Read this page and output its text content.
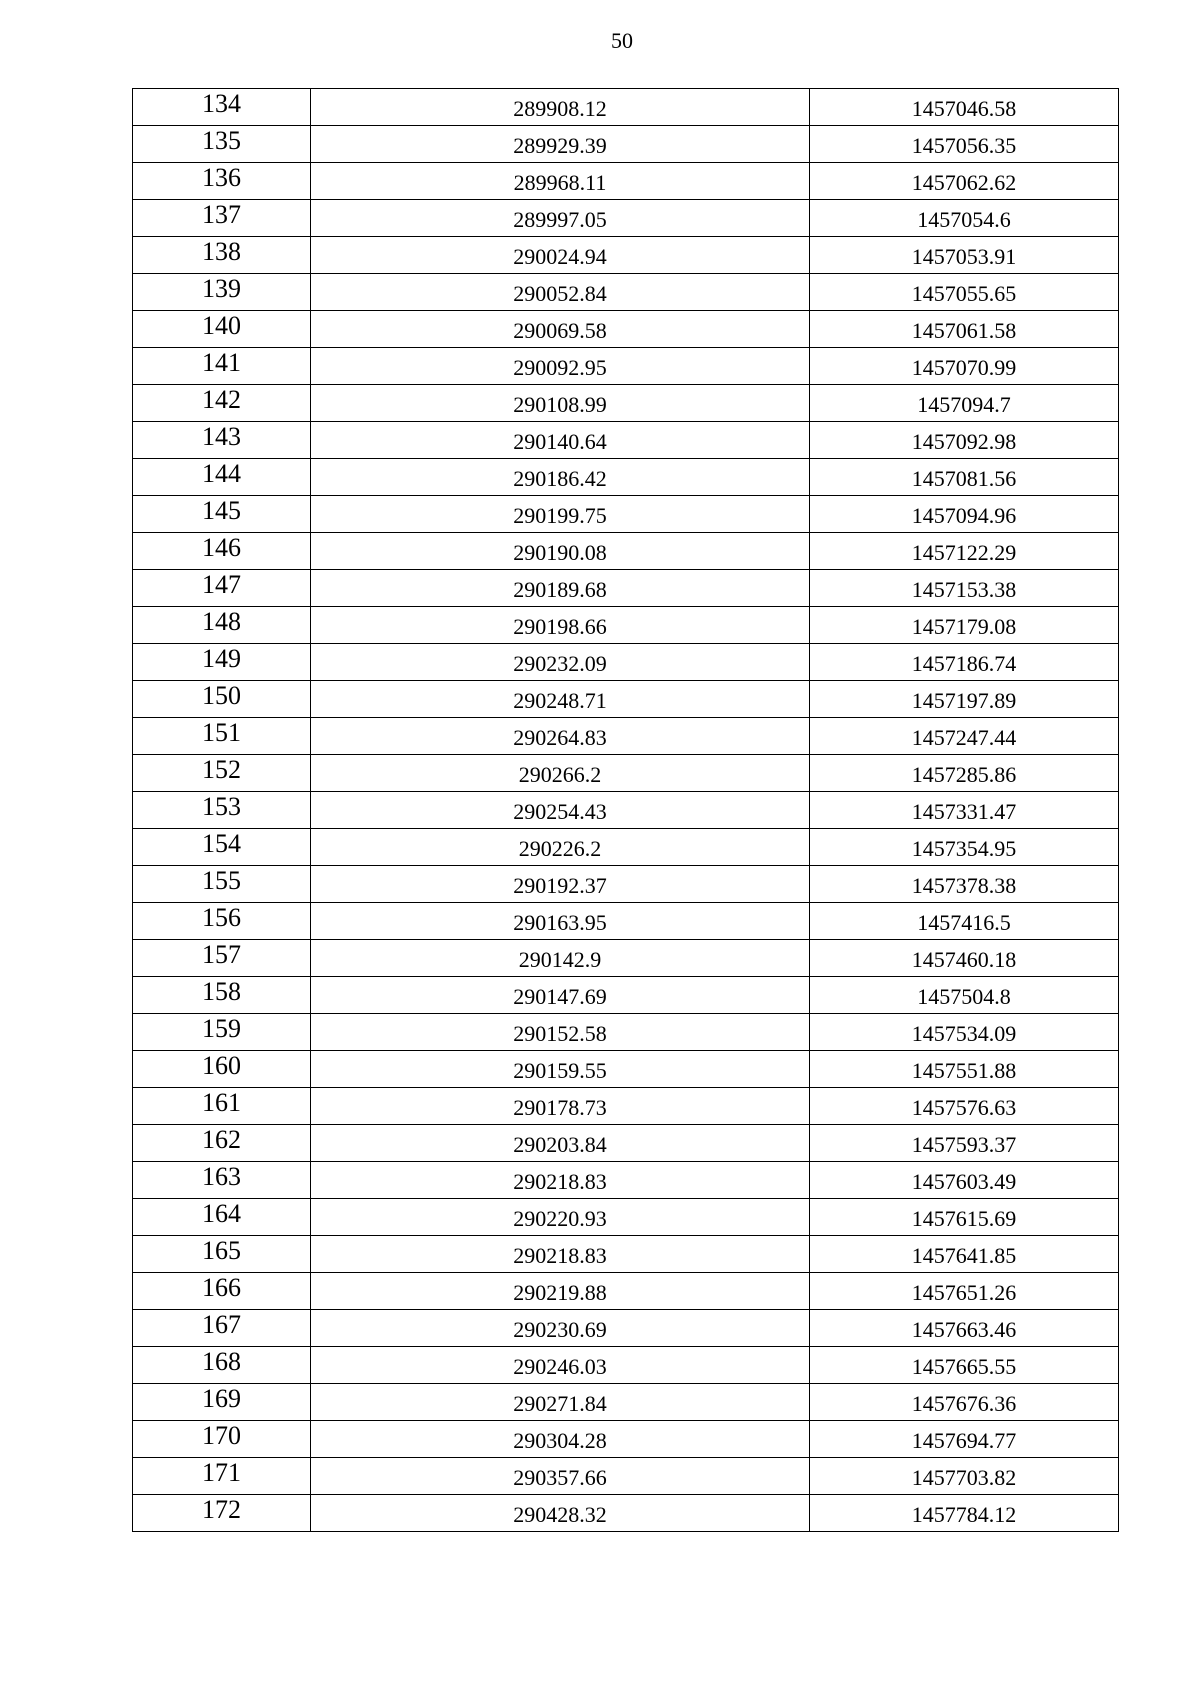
50
134	289908.12	1457046.58
135	289929.39	1457056.35
136	289968.11	1457062.62
137	289997.05	1457054.6
138	290024.94	1457053.91
139	290052.84	1457055.65
140	290069.58	1457061.58
141	290092.95	1457070.99
142	290108.99	1457094.7
143	290140.64	1457092.98
144	290186.42	1457081.56
145	290199.75	1457094.96
146	290190.08	1457122.29
147	290189.68	1457153.38
148	290198.66	1457179.08
149	290232.09	1457186.74
150	290248.71	1457197.89
151	290264.83	1457247.44
152	290266.2	1457285.86
153	290254.43	1457331.47
154	290226.2	1457354.95
155	290192.37	1457378.38
156	290163.95	1457416.5
157	290142.9	1457460.18
158	290147.69	1457504.8
159	290152.58	1457534.09
160	290159.55	1457551.88
161	290178.73	1457576.63
162	290203.84	1457593.37
163	290218.83	1457603.49
164	290220.93	1457615.69
165	290218.83	1457641.85
166	290219.88	1457651.26
167	290230.69	1457663.46
168	290246.03	1457665.55
169	290271.84	1457676.36
170	290304.28	1457694.77
171	290357.66	1457703.82
172	290428.32	1457784.12
